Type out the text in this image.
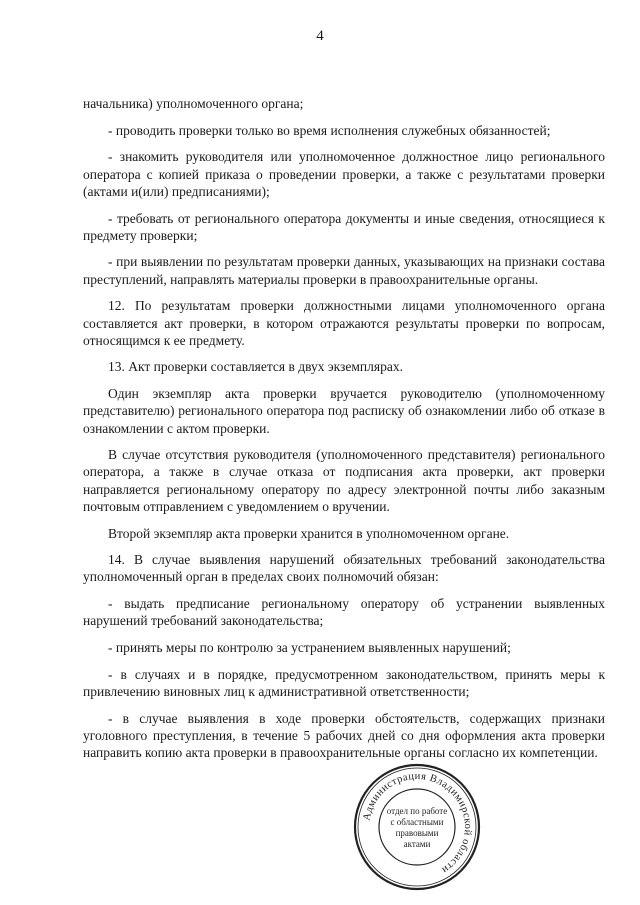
4

начальника) уполномоченного органа;

- проводить проверки только во время исполнения служебных обязанностей;

- знакомить руководителя или уполномоченное должностное лицо регионального оператора с копией приказа о проведении проверки, а также с результатами проверки (актами и(или) предписаниями);

- требовать от регионального оператора документы и иные сведения, относящиеся к предмету проверки;

- при выявлении по результатам проверки данных, указывающих на признаки состава преступлений, направлять материалы проверки в правоохранительные органы.

12. По результатам проверки должностными лицами уполномоченного органа составляется акт проверки, в котором отражаются результаты проверки по вопросам, относящимся к ее предмету.

13. Акт проверки составляется в двух экземплярах.

Один экземпляр акта проверки вручается руководителю (уполномоченному представителю) регионального оператора под расписку об ознакомлении либо об отказе в ознакомлении с актом проверки.

В случае отсутствия руководителя (уполномоченного представителя) регионального оператора, а также в случае отказа от подписания акта проверки, акт проверки направляется региональному оператору по адресу электронной почты либо заказным почтовым отправлением с уведомлением о вручении.

Второй экземпляр акта проверки хранится в уполномоченном органе.

14. В случае выявления нарушений обязательных требований законодательства уполномоченный орган в пределах своих полномочий обязан:

- выдать предписание региональному оператору об устранении выявленных нарушений требований законодательства;

- принять меры по контролю за устранением выявленных нарушений;

- в случаях и в порядке, предусмотренном законодательством, принять меры к привлечению виновных лиц к административной ответственности;

- в случае выявления в ходе проверки обстоятельств, содержащих признаки уголовного преступления, в течение 5 рабочих дней со дня оформления акта проверки направить копию акта проверки в правоохранительные органы согласно их компетенции.

Администрация Владимирской области
отдел по работе
с областными
правовыми
актами
